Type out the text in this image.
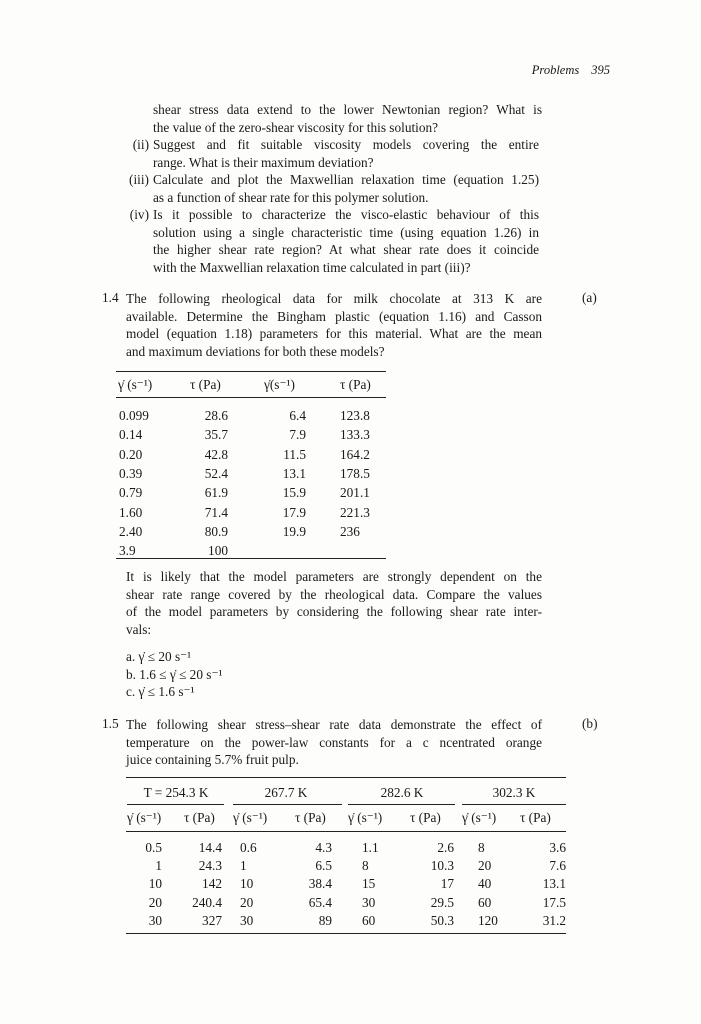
Problems 395
shear stress data extend to the lower Newtonian region? What is
the value of the zero-shear viscosity for this solution?
(ii) Suggest and fit suitable viscosity models covering the entire
range. What is their maximum deviation?
(iii) Calculate and plot the Maxwellian relaxation time (equation 1.25)
as a function of shear rate for this polymer solution.
(iv) Is it possible to characterize the visco-elastic behaviour of this
solution using a single characteristic time (using equation 1.26) in
the higher shear rate region? At what shear rate does it coincide
with the Maxwellian relaxation time calculated in part (iii)?
1.4	(a)
The following rheological data for milk chocolate at 313 K are
available. Determine the Bingham plastic (equation 1.16) and Casson
model (equation 1.18) parameters for this material. What are the mean
and maximum deviations for both these models?
γ̇ (s⁻¹)	τ (Pa)	γ̇(s⁻¹)	τ (Pa)
0.099	28.6	6.4	123.8
0.14	35.7	7.9	133.3
0.20	42.8	11.5	164.2
0.39	52.4	13.1	178.5
0.79	61.9	15.9	201.1
1.60	71.4	17.9	221.3
2.40	80.9	19.9	236
3.9	100
It is likely that the model parameters are strongly dependent on the
shear rate range covered by the rheological data. Compare the values
of the model parameters by considering the following shear rate inter-
vals:
a. γ̇ ≤ 20 s⁻¹
b. 1.6 ≤ γ̇ ≤ 20 s⁻¹
c. γ̇ ≤ 1.6 s⁻¹
1.5	(b)
The following shear stress–shear rate data demonstrate the effect of
temperature on the power-law constants for a c ncentrated orange
juice containing 5.7% fruit pulp.
T = 254.3 K	267.7 K	282.6 K	302.3 K
γ̇ (s⁻¹) τ (Pa) γ̇ (s⁻¹) τ (Pa) γ̇ (s⁻¹) τ (Pa) γ̇ (s⁻¹) τ (Pa)
0.5	14.4 0.6	4.3 1.1	2.6 8	3.6
1	24.3 1	6.5 8	10.3 20	7.6
10	142 10	38.4 15	17 40	13.1
20	240.4 20	65.4 30	29.5 60	17.5
30	327 30	89 60	50.3 120	31.2
